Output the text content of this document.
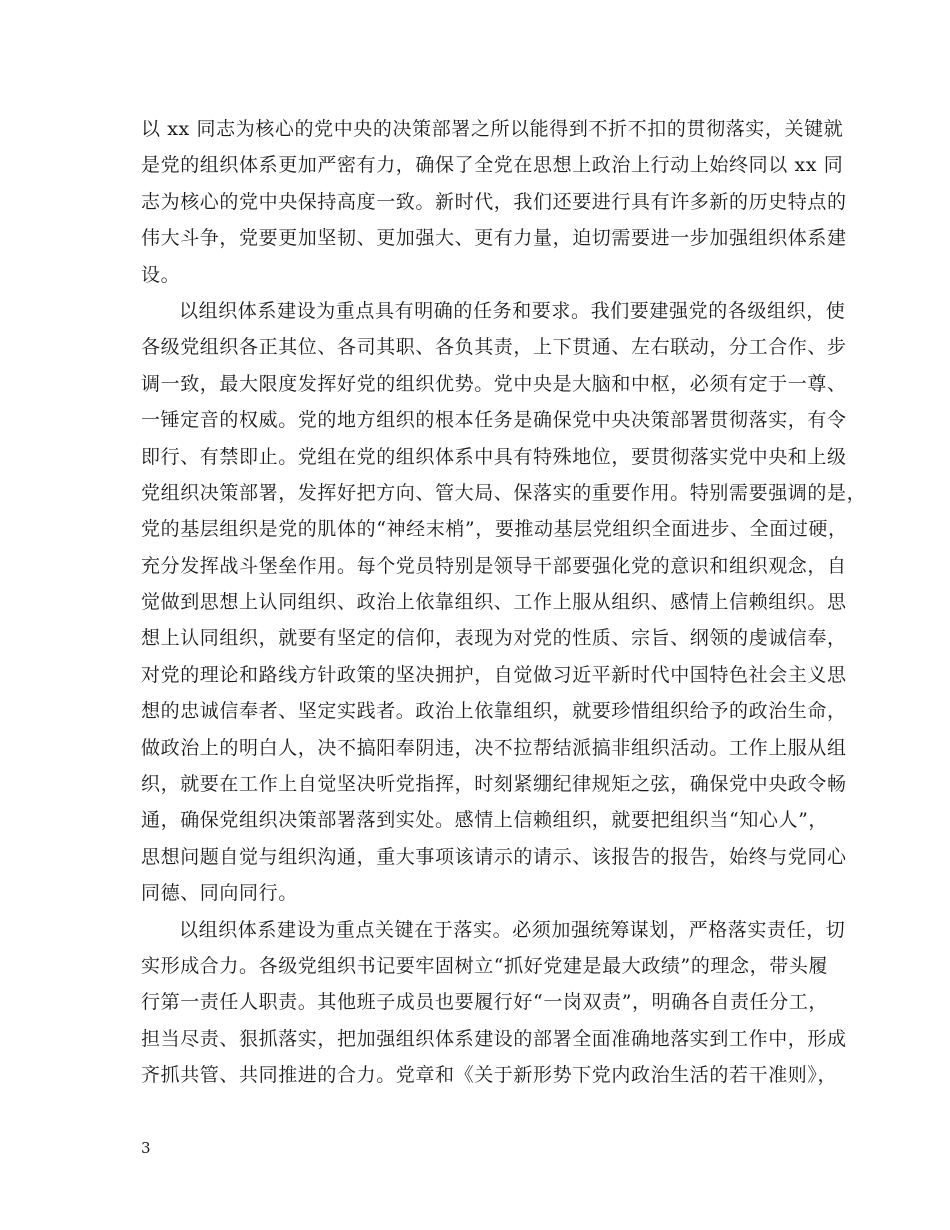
以 xx 同志为核心的党中央的决策部署之所以能得到不折不扣的贯彻落实，关键就
是党的组织体系更加严密有力，确保了全党在思想上政治上行动上始终同以 xx 同
志为核心的党中央保持高度一致。新时代，我们还要进行具有许多新的历史特点的
伟大斗争，党要更加坚韧、更加强大、更有力量，迫切需要进一步加强组织体系建
设。
以组织体系建设为重点具有明确的任务和要求。我们要建强党的各级组织，使
各级党组织各正其位、各司其职、各负其责，上下贯通、左右联动，分工合作、步
调一致，最大限度发挥好党的组织优势。党中央是大脑和中枢，必须有定于一尊、
一锤定音的权威。党的地方组织的根本任务是确保党中央决策部署贯彻落实，有令
即行、有禁即止。党组在党的组织体系中具有特殊地位，要贯彻落实党中央和上级
党组织决策部署，发挥好把方向、管大局、保落实的重要作用。特别需要强调的是，
党的基层组织是党的肌体的“神经末梢”，要推动基层党组织全面进步、全面过硬，
充分发挥战斗堡垒作用。每个党员特别是领导干部要强化党的意识和组织观念，自
觉做到思想上认同组织、政治上依靠组织、工作上服从组织、感情上信赖组织。思
想上认同组织，就要有坚定的信仰，表现为对党的性质、宗旨、纲领的虔诚信奉，
对党的理论和路线方针政策的坚决拥护，自觉做习近平新时代中国特色社会主义思
想的忠诚信奉者、坚定实践者。政治上依靠组织，就要珍惜组织给予的政治生命，
做政治上的明白人，决不搞阳奉阴违，决不拉帮结派搞非组织活动。工作上服从组
织，就要在工作上自觉坚决听党指挥，时刻紧绷纪律规矩之弦，确保党中央政令畅
通，确保党组织决策部署落到实处。感情上信赖组织，就要把组织当“知心人”，
思想问题自觉与组织沟通，重大事项该请示的请示、该报告的报告，始终与党同心
同德、同向同行。
以组织体系建设为重点关键在于落实。必须加强统筹谋划，严格落实责任，切
实形成合力。各级党组织书记要牢固树立“抓好党建是最大政绩”的理念，带头履
行第一责任人职责。其他班子成员也要履行好“一岗双责”，明确各自责任分工，
担当尽责、狠抓落实，把加强组织体系建设的部署全面准确地落实到工作中，形成
齐抓共管、共同推进的合力。党章和《关于新形势下党内政治生活的若干准则》，
3
